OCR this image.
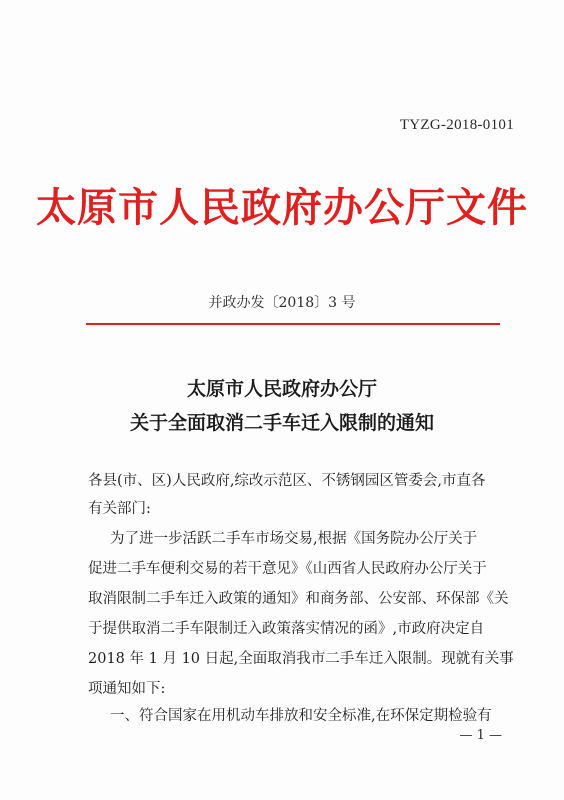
TYZG-2018-0101
太原市人民政府办公厅文件
并政办发〔2018〕3 号
太原市人民政府办公厅
关于全面取消二手车迁入限制的通知
各县(市、区)人民政府,综改示范区、不锈钢园区管委会,市直各
有关部门:
为了进一步活跃二手车市场交易,根据《国务院办公厅关于
促进二手车便利交易的若干意见》《山西省人民政府办公厅关于
取消限制二手车迁入政策的通知》和商务部、公安部、环保部《关
于提供取消二手车限制迁入政策落实情况的函》,市政府决定自
2018 年 1 月 10 日起,全面取消我市二手车迁入限制。现就有关事
项通知如下:
一、符合国家在用机动车排放和安全标准,在环保定期检验有
— 1 —
